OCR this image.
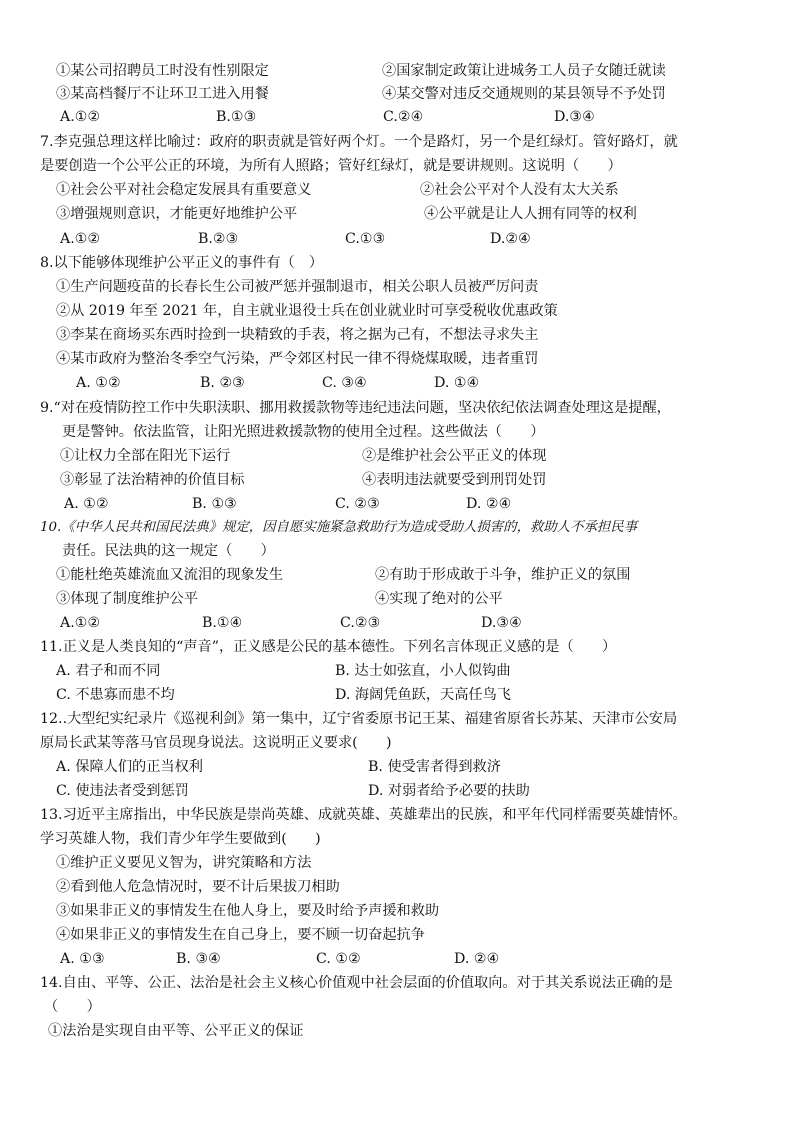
①某公司招聘员工时没有性别限定	②国家制定政策让进城务工人员子女随迁就读
③某高档餐厅不让环卫工进入用餐	④某交警对违反交通规则的某县领导不予处罚
A.①②	B.①③	C.②④	D.③④
7.李克强总理这样比喻过：政府的职责就是管好两个灯。一个是路灯，另一个是红绿灯。管好路灯，就
是要创造一个公平公正的环境，为所有人照路；管好红绿灯，就是要讲规则。这说明（　　）
①社会公平对社会稳定发展具有重要意义	②社会公平对个人没有太大关系
③增强规则意识，才能更好地维护公平	④公平就是让人人拥有同等的权利
A.①②	B.②③	C.①③	D.②④
8.以下能够体现维护公平正义的事件有（　）
①生产问题疫苗的长春长生公司被严惩并强制退市，相关公职人员被严厉问责
②从 2019 年至 2021 年，自主就业退役士兵在创业就业时可享受税收优惠政策
③李某在商场买东西时捡到一块精致的手表，将之据为己有，不想法寻求失主
④某市政府为整治冬季空气污染，严令郊区村民一律不得烧煤取暖，违者重罚
A. ①②	B. ②③	C. ③④	D. ①④
9.“对在疫情防控工作中失职渎职、挪用救援款物等违纪违法问题，坚决依纪依法调查处理这是提醒，
更是警钟。依法监管，让阳光照进救援款物的使用全过程。这些做法（　　）
①让权力全部在阳光下运行	②是维护社会公平正义的体现
③彰显了法治精神的价值目标	④表明违法就要受到刑罚处罚
A. ①②	B. ①③	C. ②③	D. ②④
10.《中华人民共和国民法典》规定，因自愿实施紧急救助行为造成受助人损害的，救助人不承担民事
责任。民法典的这一规定（　　）
①能杜绝英雄流血又流泪的现象发生	②有助于形成敢于斗争，维护正义的氛围
③体现了制度维护公平	④实现了绝对的公平
A.①②	B.①④	C.②③	D.③④
11.正义是人类良知的“声音”，正义感是公民的基本德性。下列名言体现正义感的是（　　）
A. 君子和而不同	B. 达士如弦直，小人似钩曲
C. 不患寡而患不均	D. 海阔凭鱼跃，天高任鸟飞
12..大型纪实纪录片《巡视利剑》第一集中，辽宁省委原书记王某、福建省原省长苏某、天津市公安局
原局长武某等落马官员现身说法。这说明正义要求(　　)
A. 保障人们的正当权利	B. 使受害者得到救济
C. 使违法者受到惩罚	D. 对弱者给予必要的扶助
13.习近平主席指出，中华民族是崇尚英雄、成就英雄、英雄辈出的民族，和平年代同样需要英雄情怀。
学习英雄人物，我们青少年学生要做到(　　)
①维护正义要见义智为，讲究策略和方法
②看到他人危急情况时，要不计后果拔刀相助
③如果非正义的事情发生在他人身上，要及时给予声援和救助
④如果非正义的事情发生在自己身上，要不顾一切奋起抗争
A. ①③	B. ③④	C. ①②	D. ②④
14.自由、平等、公正、法治是社会主义核心价值观中社会层面的价值取向。对于其关系说法正确的是
（　　）
①法治是实现自由平等、公平正义的保证
